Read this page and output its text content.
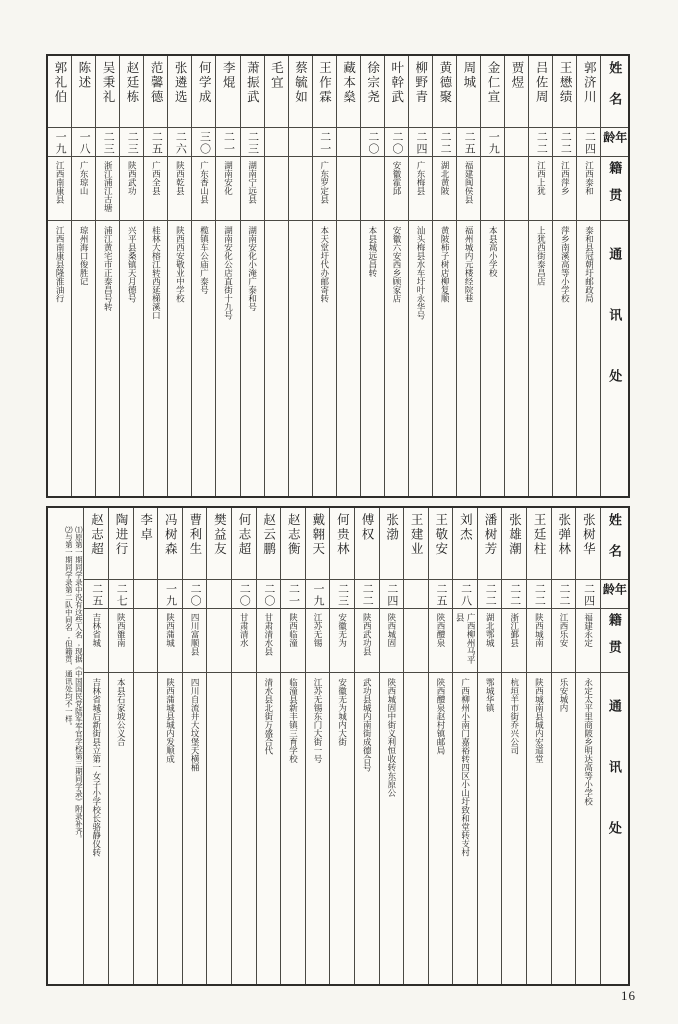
姓名
年龄
籍贯
通讯处
郭济川
二四
江西泰和
泰和县冠朝圩邮政局
王懋绩
二二
江西萍乡
萍乡南溪高等小学校
吕佐周
二二
江西上犹
上犹西街泰昌店
贾煜
金仁宣
一九
本县高小学校
周城
二五
福建闽侯县
福州城内元楼经院巷
黄德聚
二二
湖北黄陂
黄陂柿子树店柳复顺
柳野青
二四
广东梅县
汕头梅县水车圩叶永华号
叶幹武
二〇
安徽霍邱
安徽六安西乡顾家店
徐宗尧
二〇
本县城远昌转
藏本燊
王作霖
二一
广东罗定县
本天堂圩代办邮寄转
蔡毓如
毛宜
萧振武
二三
湖南宁远县
湖南安化小淹广泰和号
李焜
二一
湖南安化
湖南安化公店直街十九号
何学成
三〇
广东香山县
榄镇车公庙广泰号
张遴选
二六
陕西乾县
陕西西安敬业中学校
范馨德
二五
广西全县
桂林大榕江转西延梯溪口
赵廷栋
二三
陕西武功
兴平县桑镇天月德号
吴秉礼
二三
浙江浦江古塘
浦江黄宅市正泰昌号转
陈述
一八
广东琼山
琼州海口俊胜记
郭礼伯
一九
江西南康县
江西南康县隆淮油行
姓名
年龄
籍贯
通讯处
张树华
二四
福建永定
永定太平里商陂乡明达高等小学校
张弹林
二二
江西乐安
乐安城内
王廷柱
二二
陕西城南
陕西城南县城内宏道堂
张雄潮
二二
浙江鄞县
杭垣羊市街乔兴公司
潘树芳
二二
湖北鄂城
鄂城华镇
刘杰
二八
广西柳州马平县
广西柳州小南门嘉裕转四区小山圩致和堂转支村
王敬安
二五
陕西醴泉
陕西醴泉赵村镇邮局
王建业
张渤
二四
陕西城固
陕西城固中街义利恒收转东原公
傅权
二二
陕西武功县
武功县城内南街成德合号
何贵林
二三
安徽无为
安徽无为城内大街
戴翱天
一九
江苏无锡
江苏无锡东门大街一号
赵志衡
二一
陕西临潼
临潼县新丰镇三育学校
赵云鹏
二〇
甘肃清水县
清水县北街万盛合代
何志超
二〇
甘肃清水
樊益友
曹利生
二〇
四川富顺县
四川自流井大坟堡天横桶
冯树森
一九
陕西蒲城
陕西蒲城县城内发顺成
李卓
陶进行
二七
陕西雒南
本县石家坡公义合
赵志超
二五
吉林省城
吉林省城后新街县立第一女子小学校长骆静仪转
⑴原第一期同学录中没有这些人名,现据《中国国民党陆军军官学校第三期同学录》附录补齐。
⑵与第一期同学录第二队中同名,但籍贯、通讯处均不一样。
16
